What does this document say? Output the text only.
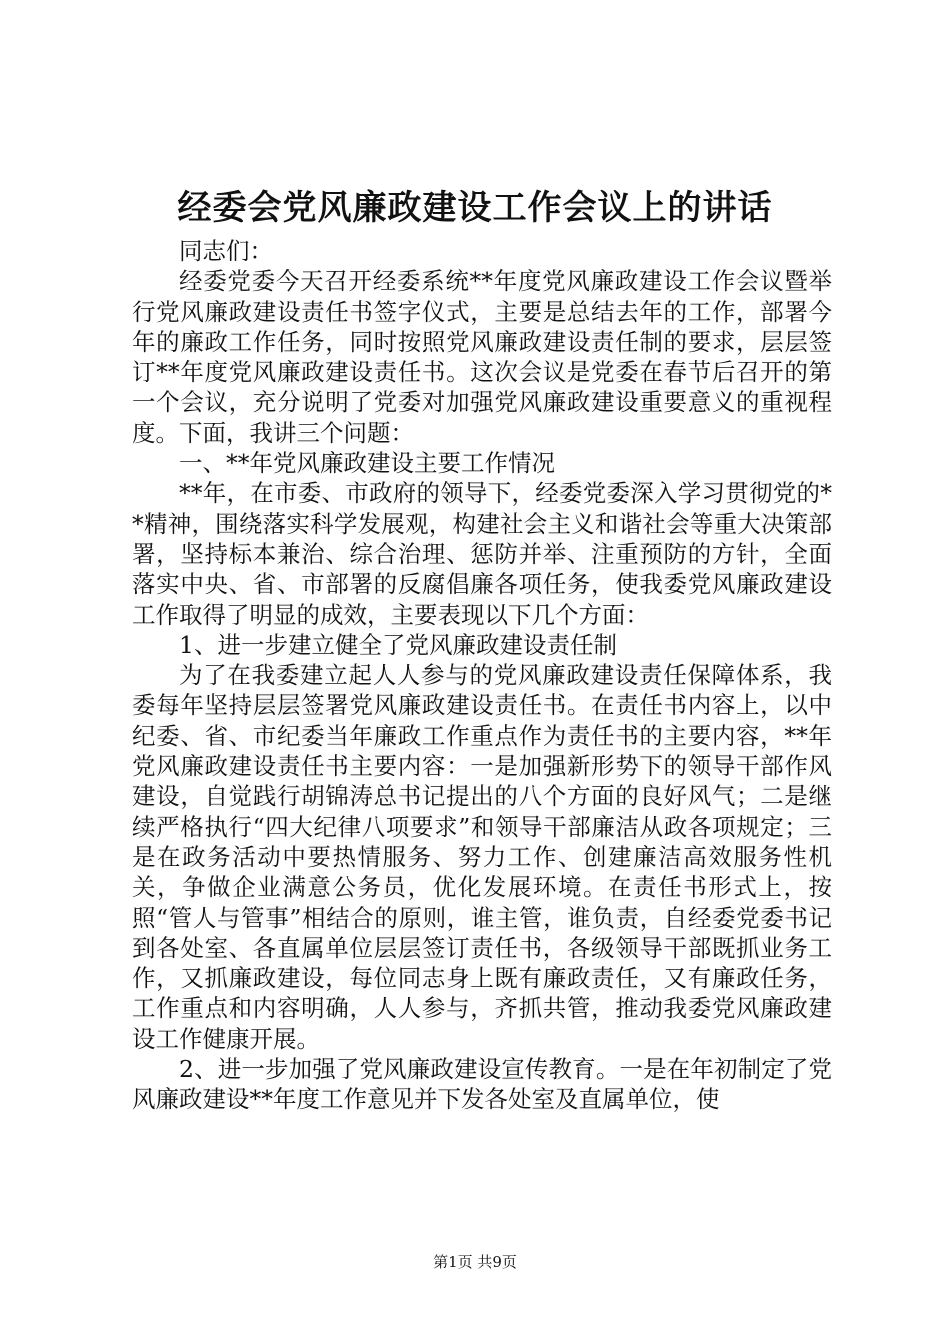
经委会党风廉政建设工作会议上的讲话

同志们：

经委党委今天召开经委系统**年度党风廉政建设工作会议暨举行党风廉政建设责任书签字仪式，主要是总结去年的工作，部署今年的廉政工作任务，同时按照党风廉政建设责任制的要求，层层签订**年度党风廉政建设责任书。这次会议是党委在春节后召开的第一个会议，充分说明了党委对加强党风廉政建设重要意义的重视程度。下面，我讲三个问题：

一、**年党风廉政建设主要工作情况

**年，在市委、市政府的领导下，经委党委深入学习贯彻党的**精神，围绕落实科学发展观，构建社会主义和谐社会等重大决策部署，坚持标本兼治、综合治理、惩防并举、注重预防的方针，全面落实中央、省、市部署的反腐倡廉各项任务，使我委党风廉政建设工作取得了明显的成效，主要表现以下几个方面：

1、进一步建立健全了党风廉政建设责任制

为了在我委建立起人人参与的党风廉政建设责任保障体系，我委每年坚持层层签署党风廉政建设责任书。在责任书内容上，以中纪委、省、市纪委当年廉政工作重点作为责任书的主要内容，**年党风廉政建设责任书主要内容：一是加强新形势下的领导干部作风建设，自觉践行胡锦涛总书记提出的八个方面的良好风气；二是继续严格执行“四大纪律八项要求”和领导干部廉洁从政各项规定；三是在政务活动中要热情服务、努力工作、创建廉洁高效服务性机关，争做企业满意公务员，优化发展环境。在责任书形式上，按照“管人与管事”相结合的原则，谁主管，谁负责，自经委党委书记到各处室、各直属单位层层签订责任书，各级领导干部既抓业务工作，又抓廉政建设，每位同志身上既有廉政责任，又有廉政任务，工作重点和内容明确，人人参与，齐抓共管，推动我委党风廉政建设工作健康开展。

2、进一步加强了党风廉政建设宣传教育。一是在年初制定了党风廉政建设**年度工作意见并下发各处室及直属单位，使

第1页 共9页
